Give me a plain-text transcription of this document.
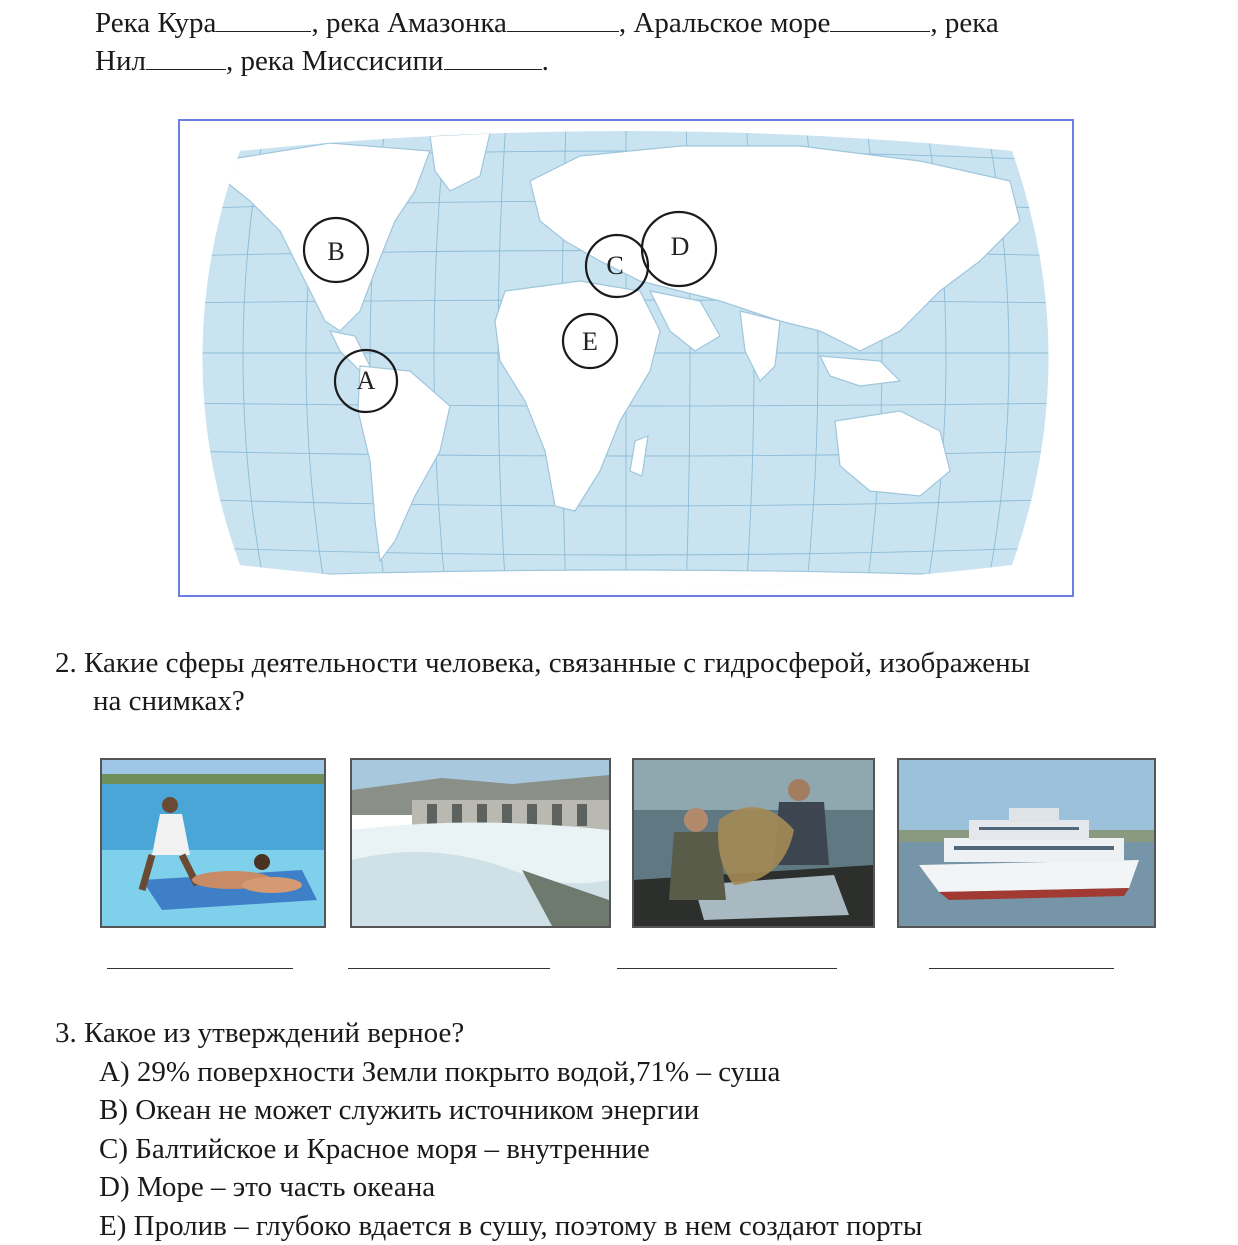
Река Кура	, река Амазонка	, Аральское море	, река
Нил	, река Миссисипи	.
B	C
D
E
A
2. Какие сферы деятельности человека, связанные с гидросферой, изображены
на снимках?
3. Какое из утверждений верное?
A) 29% поверхности Земли покрыто водой,71% – суша
B) Океан не может служить источником энергии
C) Балтийское и Красное моря – внутренние
D) Море – это часть океана
E) Пролив – глубоко вдается в сушу, поэтому в нем создают порты
